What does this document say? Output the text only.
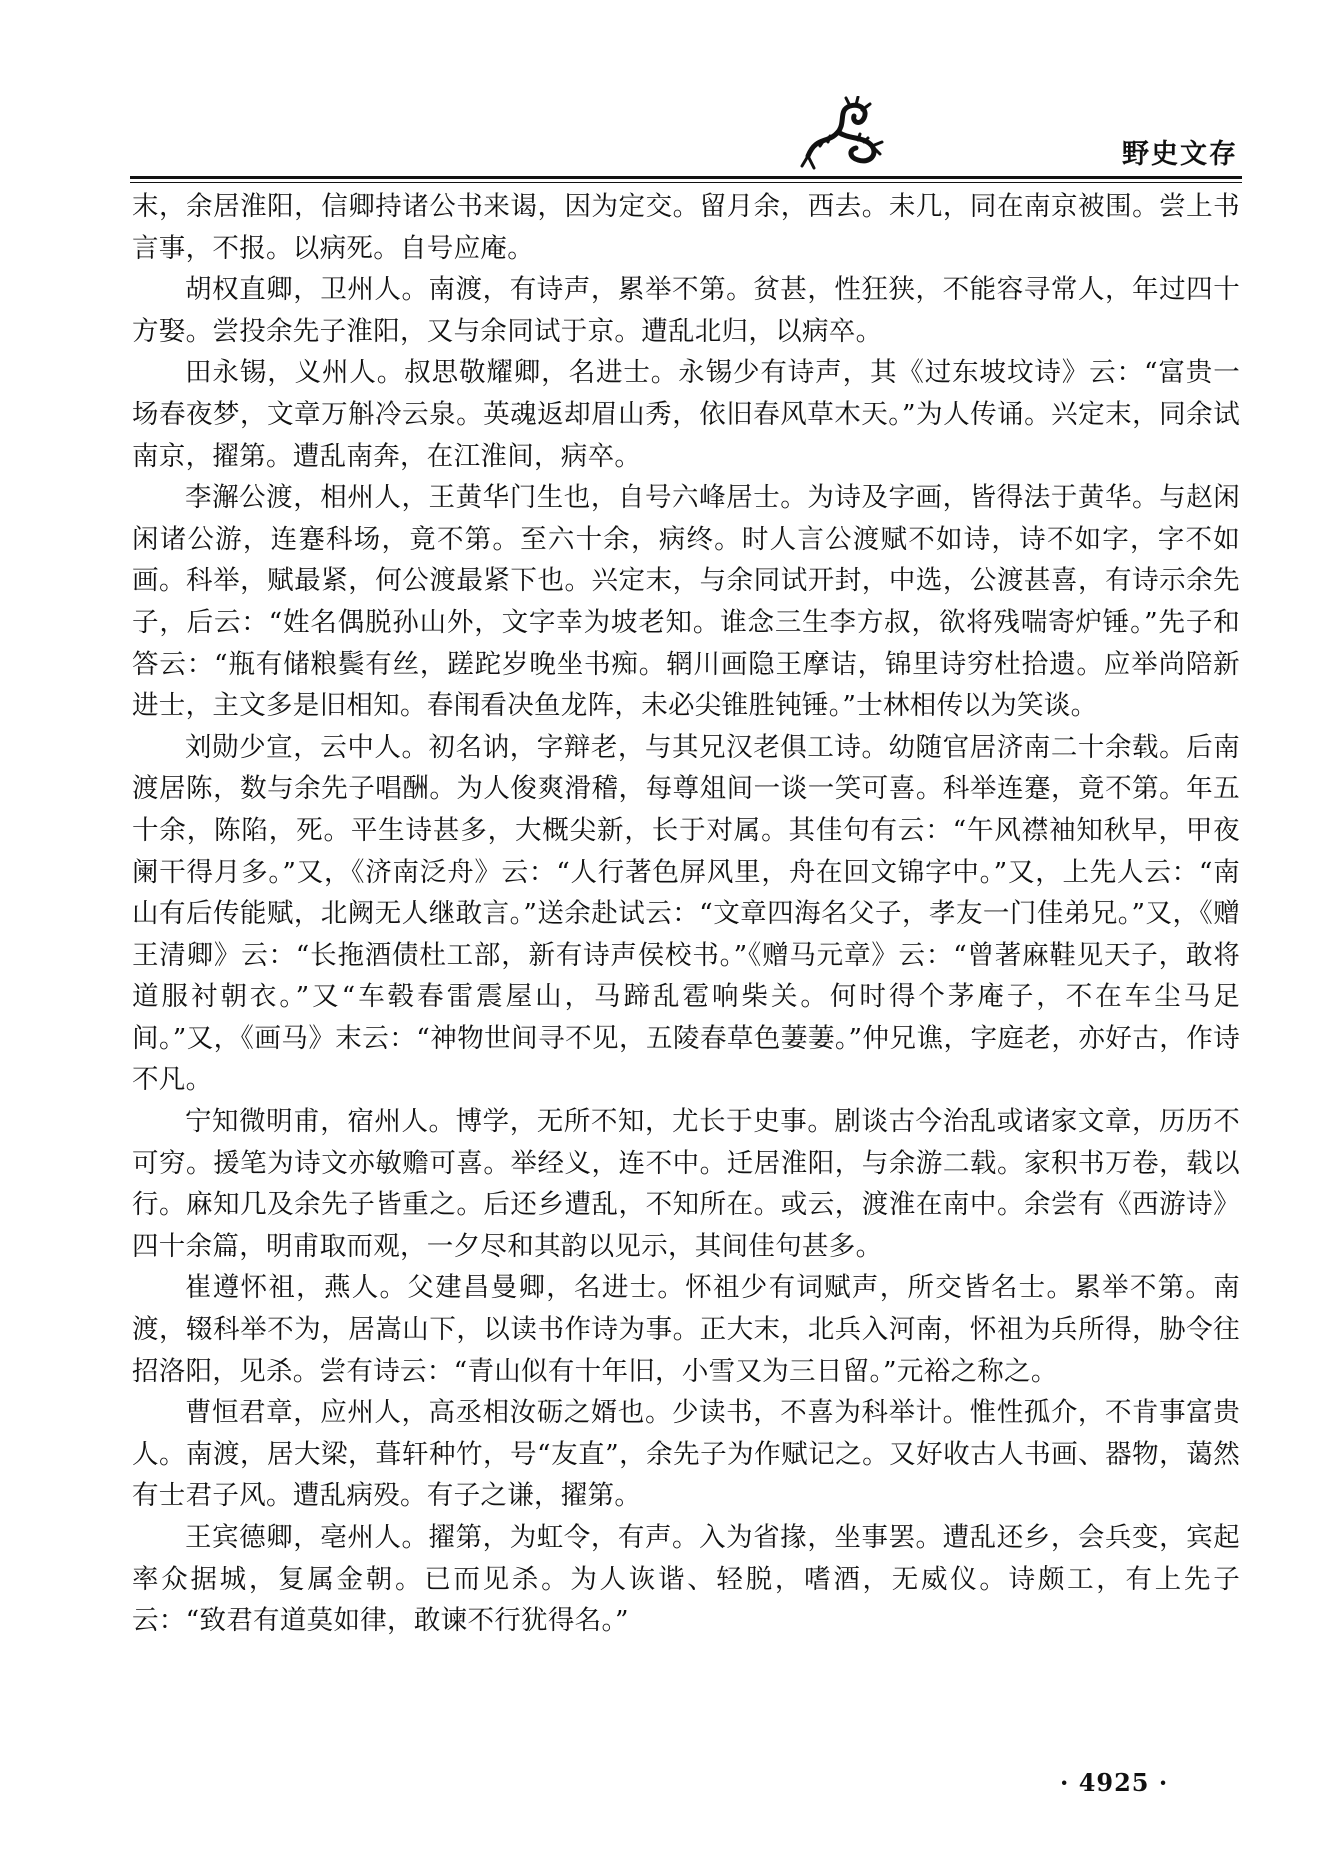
野史文存

末，余居淮阳，信卿持诸公书来谒，因为定交。留月余，西去。未几，同在南京被围。尝上书言事，不报。以病死。自号应庵。

胡权直卿，卫州人。南渡，有诗声，累举不第。贫甚，性狂狭，不能容寻常人，年过四十方娶。尝投余先子淮阳，又与余同试于京。遭乱北归，以病卒。

田永锡，义州人。叔思敬耀卿，名进士。永锡少有诗声，其《过东坡坟诗》云：“富贵一场春夜梦，文章万斛冷云泉。英魂返却眉山秀，依旧春风草木天。”为人传诵。兴定末，同余试南京，擢第。遭乱南奔，在江淮间，病卒。

李澥公渡，相州人，王黄华门生也，自号六峰居士。为诗及字画，皆得法于黄华。与赵闲闲诸公游，连蹇科场，竟不第。至六十余，病终。时人言公渡赋不如诗，诗不如字，字不如画。科举，赋最紧，何公渡最紧下也。兴定末，与余同试开封，中选，公渡甚喜，有诗示余先子，后云：“姓名偶脱孙山外，文字幸为坡老知。谁念三生李方叔，欲将残喘寄炉锤。”先子和答云：“瓶有储粮鬓有丝，蹉跎岁晚坐书痴。辋川画隐王摩诘，锦里诗穷杜拾遗。应举尚陪新进士，主文多是旧相知。春闱看决鱼龙阵，未必尖锥胜钝锤。”士林相传以为笑谈。

刘勋少宣，云中人。初名讷，字辩老，与其兄汉老俱工诗。幼随官居济南二十余载。后南渡居陈，数与余先子唱酬。为人俊爽滑稽，每尊俎间一谈一笑可喜。科举连蹇，竟不第。年五十余，陈陷，死。平生诗甚多，大概尖新，长于对属。其佳句有云：“午风襟袖知秋早，甲夜阑干得月多。”又，《济南泛舟》云：“人行著色屏风里，舟在回文锦字中。”又，上先人云：“南山有后传能赋，北阙无人继敢言。”送余赴试云：“文章四海名父子，孝友一门佳弟兄。”又，《赠王清卿》云：“长拖酒债杜工部，新有诗声侯校书。”《赠马元章》云：“曾著麻鞋见天子，敢将道服衬朝衣。”又“车毂春雷震屋山，马蹄乱雹响柴关。何时得个茅庵子，不在车尘马足间。”又，《画马》末云：“神物世间寻不见，五陵春草色萋萋。”仲兄谯，字庭老，亦好古，作诗不凡。

宁知微明甫，宿州人。博学，无所不知，尤长于史事。剧谈古今治乱或诸家文章，历历不可穷。援笔为诗文亦敏赡可喜。举经义，连不中。迁居淮阳，与余游二载。家积书万卷，载以行。麻知几及余先子皆重之。后还乡遭乱，不知所在。或云，渡淮在南中。余尝有《西游诗》四十余篇，明甫取而观，一夕尽和其韵以见示，其间佳句甚多。

崔遵怀祖，燕人。父建昌曼卿，名进士。怀祖少有词赋声，所交皆名士。累举不第。南渡，辍科举不为，居嵩山下，以读书作诗为事。正大末，北兵入河南，怀祖为兵所得，胁令往招洛阳，见杀。尝有诗云：“青山似有十年旧，小雪又为三日留。”元裕之称之。

曹恒君章，应州人，高丞相汝砺之婿也。少读书，不喜为科举计。惟性孤介，不肯事富贵人。南渡，居大梁，葺轩种竹，号“友直”，余先子为作赋记之。又好收古人书画、器物，蔼然有士君子风。遭乱病殁。有子之谦，擢第。

王宾德卿，亳州人。擢第，为虹令，有声。入为省掾，坐事罢。遭乱还乡，会兵变，宾起率众据城，复属金朝。已而见杀。为人诙谐、轻脱，嗜酒，无威仪。诗颇工，有上先子云：“致君有道莫如律，敢谏不行犹得名。”

· 4925 ·
